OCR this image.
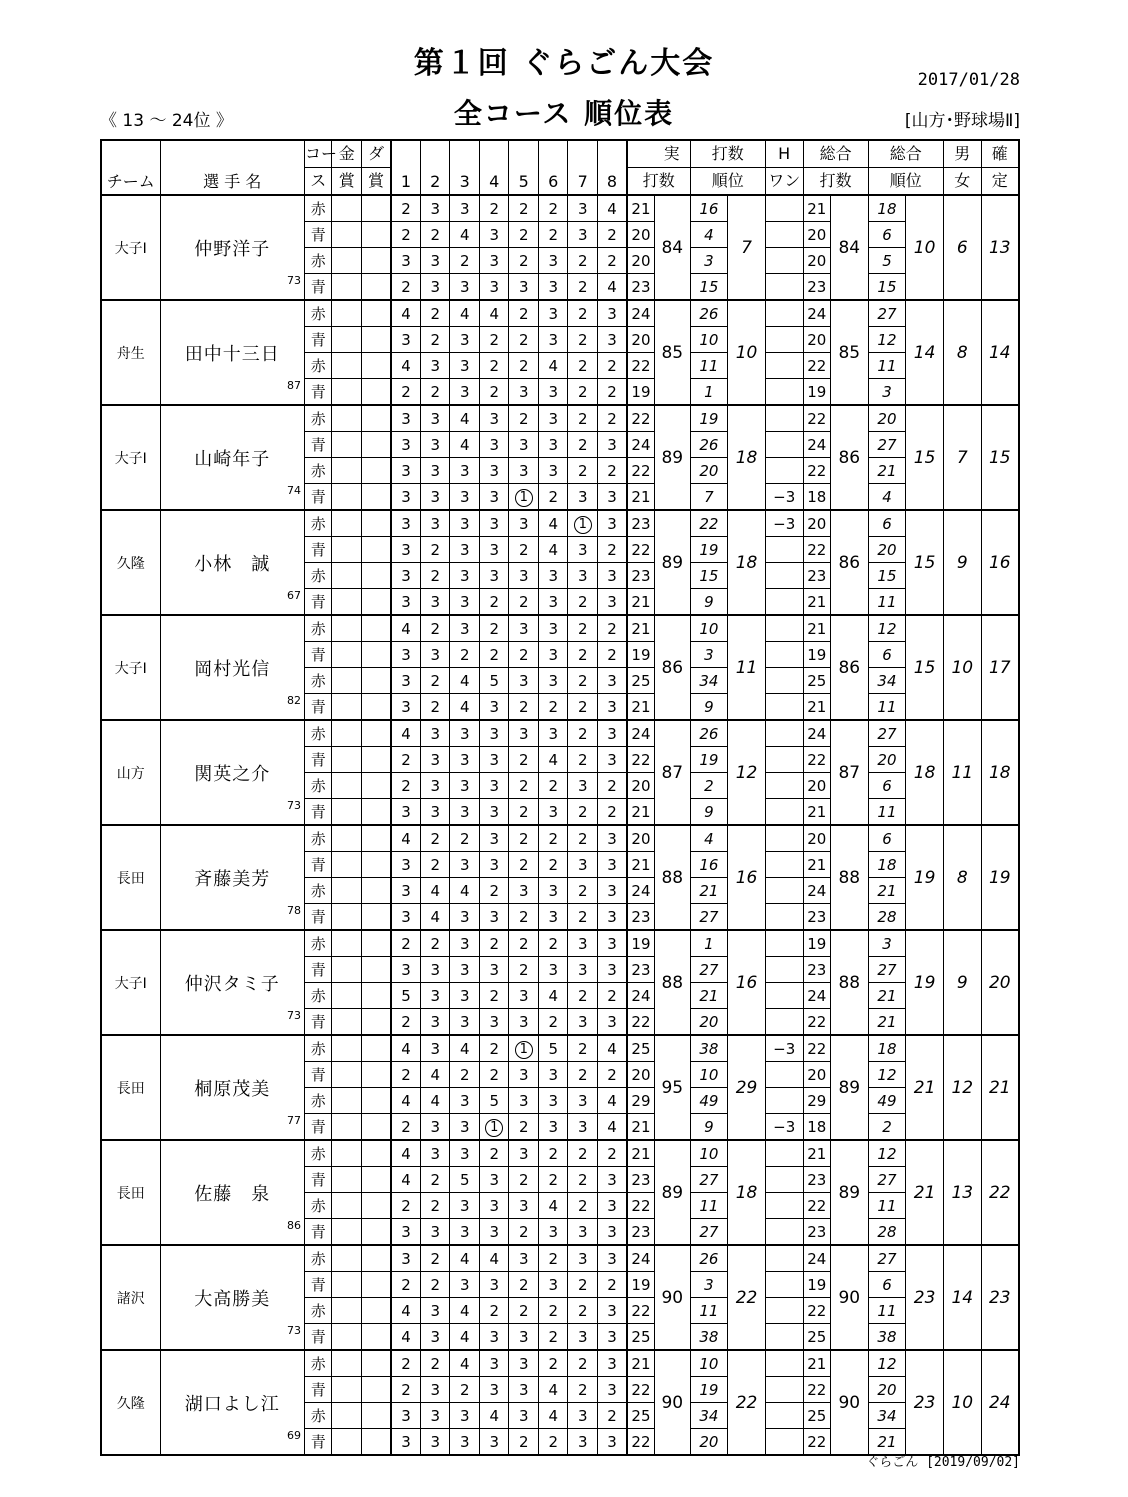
第１回 ぐらごん大会	2017/01/28
全コース 順位表
《 13 ～ 24位 》	[山方･野球場Ⅱ]
チーム	選 手 名	コー	金	ダ	1	2	3	4	5	6	7	8	実		打数		H	総合		総合		男	確
		ス	賞	賞									打数		順位		ワン	打数		順位		女	定
大子Ⅰ	仲野洋子
73	赤			2	3	3	2	2	2	3	4	21	84	16	7		21	84	18	10	6	13
		青			2	2	4	3	2	2	3	2	20		4			20		6			
		赤			3	3	2	3	2	3	2	2	20		3			20		5			
		青			2	3	3	3	3	3	2	4	23		15			23		15			
舟生	田中十三日
87	赤			4	2	4	4	2	3	2	3	24	85	26	10		24	85	27	14	8	14
		青			3	2	3	2	2	3	2	3	20		10			20		12			
		赤			4	3	3	2	2	4	2	2	22		11			22		11			
		青			2	2	3	2	3	3	2	2	19		1			19		3			
大子Ⅰ	山崎年子
74	赤			3	3	4	3	2	3	2	2	22	89	19	18		22	86	20	15	7	15
		青			3	3	4	3	3	3	2	3	24		26			24		27			
		赤			3	3	3	3	3	3	2	2	22		20			22		21			
		青			3	3	3	3	1	2	3	3	21		7		−3	18		4			
久隆	小林　誠
67	赤			3	3	3	3	3	4	1	3	23	89	22	18	−3	20	86	6	15	9	16
		青			3	2	3	3	2	4	3	2	22		19			22		20			
		赤			3	2	3	3	3	3	3	3	23		15			23		15			
		青			3	3	3	2	2	3	2	3	21		9			21		11			
大子Ⅰ	岡村光信
82	赤			4	2	3	2	3	3	2	2	21	86	10	11		21	86	12	15	10	17
		青			3	3	2	2	2	3	2	2	19		3			19		6			
		赤			3	2	4	5	3	3	2	3	25		34			25		34			
		青			3	2	4	3	2	2	2	3	21		9			21		11			
山方	関英之介
73	赤			4	3	3	3	3	3	2	3	24	87	26	12		24	87	27	18	11	18
		青			2	3	3	3	2	4	2	3	22		19			22		20			
		赤			2	3	3	3	2	2	3	2	20		2			20		6			
		青			3	3	3	3	2	3	2	2	21		9			21		11			
長田	斉藤美芳
78	赤			4	2	2	3	2	2	2	3	20	88	4	16		20	88	6	19	8	19
		青			3	2	3	3	2	2	3	3	21		16			21		18			
		赤			3	4	4	2	3	3	2	3	24		21			24		21			
		青			3	4	3	3	2	3	2	3	23		27			23		28			
大子Ⅰ	仲沢タミ子
73	赤			2	2	3	2	2	2	3	3	19	88	1	16		19	88	3	19	9	20
		青			3	3	3	3	2	3	3	3	23		27			23		27			
		赤			5	3	3	2	3	4	2	2	24		21			24		21			
		青			2	3	3	3	3	2	3	3	22		20			22		21			
長田	桐原茂美
77	赤			4	3	4	2	1	5	2	4	25	95	38	29	−3	22	89	18	21	12	21
		青			2	4	2	2	3	3	2	2	20		10			20		12			
		赤			4	4	3	5	3	3	3	4	29		49			29		49			
		青			2	3	3	1	2	3	3	4	21		9		−3	18		2			
長田	佐藤　泉
86	赤			4	3	3	2	3	2	2	2	21	89	10	18		21	89	12	21	13	22
		青			4	2	5	3	2	2	2	3	23		27			23		27			
		赤			2	2	3	3	3	4	2	3	22		11			22		11			
		青			3	3	3	3	2	3	3	3	23		27			23		28			
諸沢	大高勝美
73	赤			3	2	4	4	3	2	3	3	24	90	26	22		24	90	27	23	14	23
		青			2	2	3	3	2	3	2	2	19		3			19		6			
		赤			4	3	4	2	2	2	2	3	22		11			22		11			
		青			4	3	4	3	3	2	3	3	25		38			25		38			
久隆	湖口よし江
69	赤			2	2	4	3	3	2	2	3	21	90	10	22		21	90	12	23	10	24
		青			2	3	2	3	3	4	2	3	22		19			22		20			
		赤			3	3	3	4	3	4	3	2	25		34			25		34			
		青			3	3	3	3	2	2	3	3	22		20			22		21			
ぐらごん [2019/09/02]
